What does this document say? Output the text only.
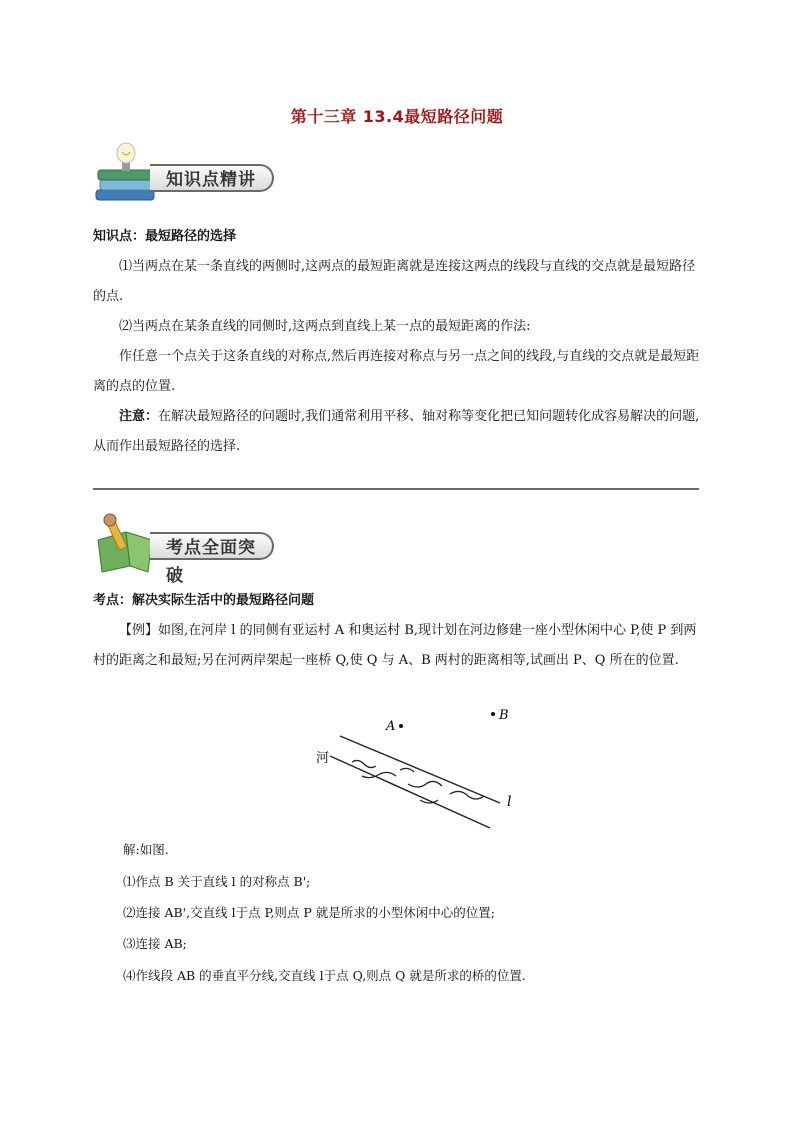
第十三章 13.4最短路径问题
知识点精讲
知识点：最短路径的选择
⑴当两点在某一条直线的两侧时,这两点的最短距离就是连接这两点的线段与直线的交点就是最短路径的点.
⑵当两点在某条直线的同侧时,这两点到直线上某一点的最短距离的作法:
作任意一个点关于这条直线的对称点,然后再连接对称点与另一点之间的线段,与直线的交点就是最短距离的点的位置.
注意：在解决最短路径的问题时,我们通常利用平移、轴对称等变化把已知问题转化成容易解决的问题,从而作出最短路径的选择.
考点全面突破
考点：解决实际生活中的最短路径问题
【例】如图,在河岸 l 的同侧有亚运村 A 和奥运村 B,现计划在河边修建一座小型休闲中心 P,使 P 到两村的距离之和最短;另在河两岸架起一座桥 Q,使 Q 与 A、B 两村的距离相等,试画出 P、Q 所在的位置.
A
B
河
l
解:如图.
⑴作点 B 关于直线 l 的对称点 B';
⑵连接 AB',交直线 l于点 P,则点 P 就是所求的小型休闲中心的位置;
⑶连接 AB;
⑷作线段 AB 的垂直平分线,交直线 l于点 Q,则点 Q 就是所求的桥的位置.
